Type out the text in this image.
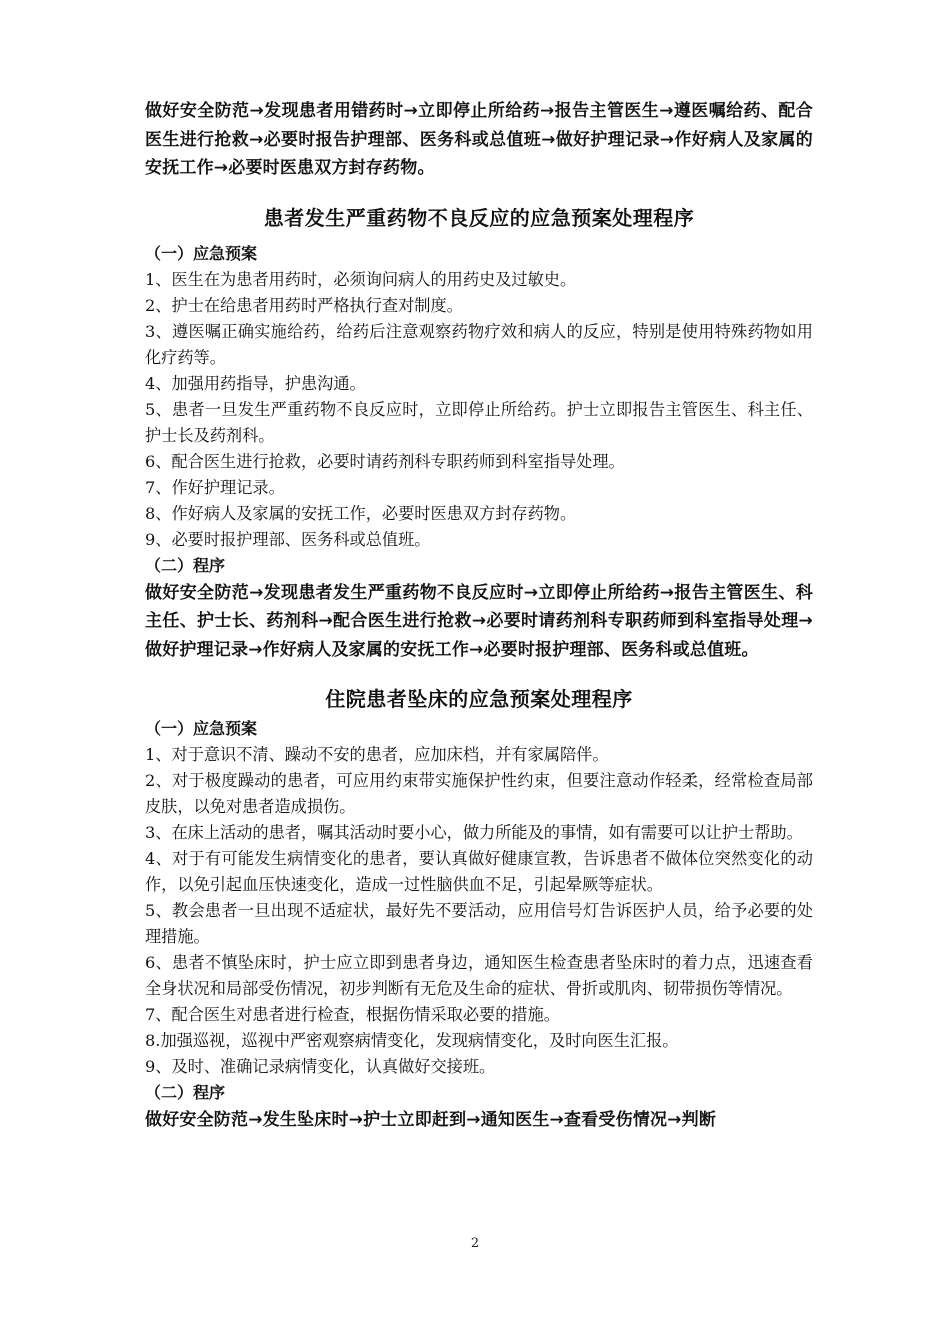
做好安全防范→发现患者用错药时→立即停止所给药→报告主管医生→遵医嘱给药、配合医生进行抢救→必要时报告护理部、医务科或总值班→做好护理记录→作好病人及家属的安抚工作→必要时医患双方封存药物。

患者发生严重药物不良反应的应急预案处理程序

（一）应急预案

1、医生在为患者用药时，必须询问病人的用药史及过敏史。

2、护士在给患者用药时严格执行查对制度。

3、遵医嘱正确实施给药，给药后注意观察药物疗效和病人的反应，特别是使用特殊药物如用化疗药等。

4、加强用药指导，护患沟通。

5、患者一旦发生严重药物不良反应时，立即停止所给药。护士立即报告主管医生、科主任、护士长及药剂科。

6、配合医生进行抢救，必要时请药剂科专职药师到科室指导处理。

7、作好护理记录。

8、作好病人及家属的安抚工作，必要时医患双方封存药物。

9、必要时报护理部、医务科或总值班。

（二）程序

做好安全防范→发现患者发生严重药物不良反应时→立即停止所给药→报告主管医生、科主任、护士长、药剂科→配合医生进行抢救→必要时请药剂科专职药师到科室指导处理→做好护理记录→作好病人及家属的安抚工作→必要时报护理部、医务科或总值班。

住院患者坠床的应急预案处理程序

（一）应急预案

1、对于意识不清、躁动不安的患者，应加床档，并有家属陪伴。

2、对于极度躁动的患者，可应用约束带实施保护性约束，但要注意动作轻柔，经常检查局部皮肤，以免对患者造成损伤。

3、在床上活动的患者，嘱其活动时要小心，做力所能及的事情，如有需要可以让护士帮助。

4、对于有可能发生病情变化的患者，要认真做好健康宣教，告诉患者不做体位突然变化的动作，以免引起血压快速变化，造成一过性脑供血不足，引起晕厥等症状。

5、教会患者一旦出现不适症状，最好先不要活动，应用信号灯告诉医护人员，给予必要的处理措施。

6、患者不慎坠床时，护士应立即到患者身边，通知医生检查患者坠床时的着力点，迅速查看全身状况和局部受伤情况，初步判断有无危及生命的症状、骨折或肌肉、韧带损伤等情况。

7、配合医生对患者进行检查，根据伤情采取必要的措施。

8.加强巡视，巡视中严密观察病情变化，发现病情变化，及时向医生汇报。

9、及时、准确记录病情变化，认真做好交接班。

（二）程序

做好安全防范→发生坠床时→护士立即赶到→通知医生→查看受伤情况→判断

2
